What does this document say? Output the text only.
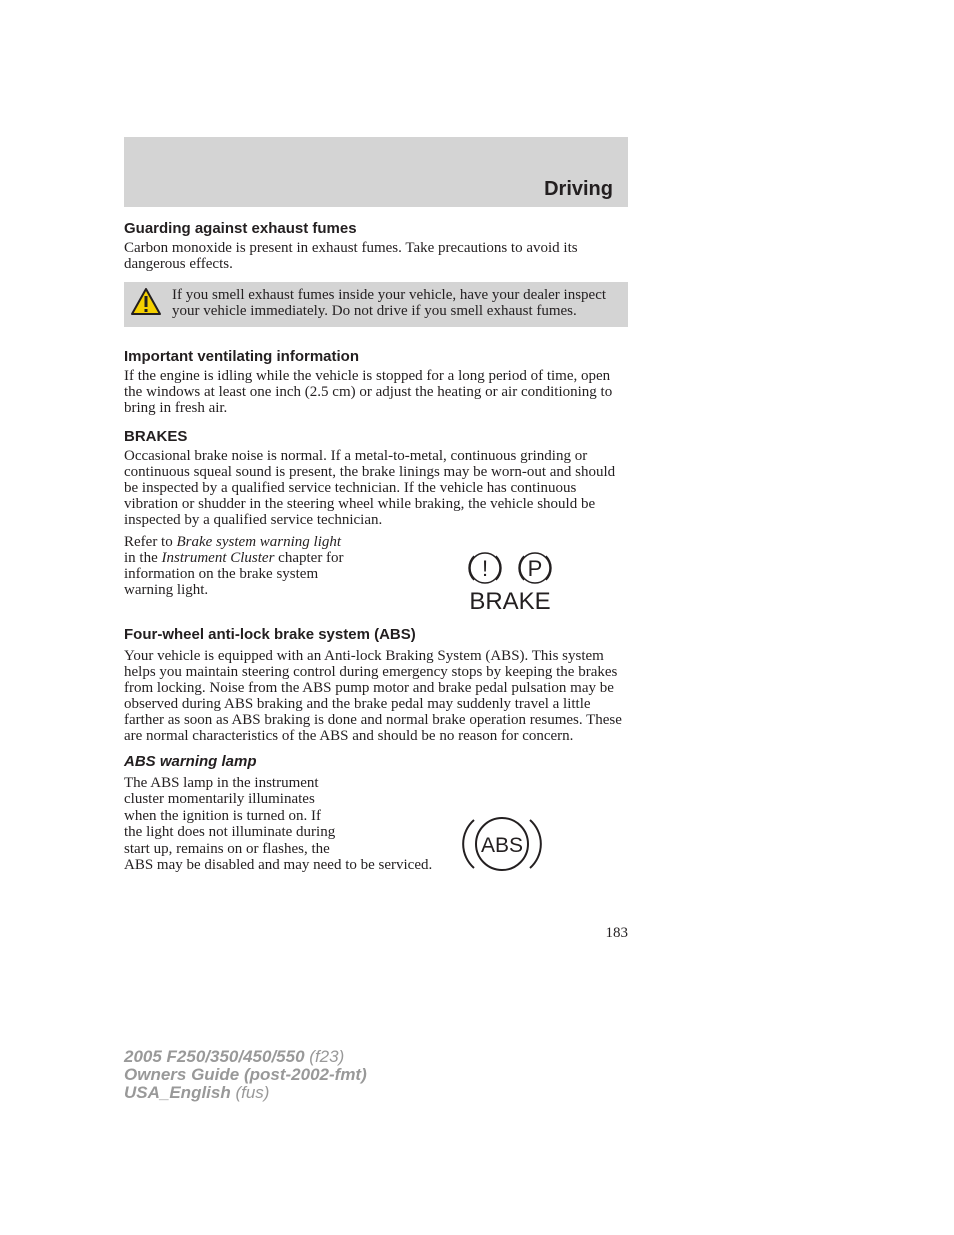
Driving
Guarding against exhaust fumes

Carbon monoxide is present in exhaust fumes. Take precautions to avoid its dangerous effects.

If you smell exhaust fumes inside your vehicle, have your dealer inspect your vehicle immediately. Do not drive if you smell exhaust fumes.

Important ventilating information

If the engine is idling while the vehicle is stopped for a long period of time, open the windows at least one inch (2.5 cm) or adjust the heating or air conditioning to bring in fresh air.

BRAKES

Occasional brake noise is normal. If a metal-to-metal, continuous grinding or continuous squeal sound is present, the brake linings may be worn-out and should be inspected by a qualified service technician. If the vehicle has continuous vibration or shudder in the steering wheel while braking, the vehicle should be inspected by a qualified service technician.

Refer to Brake system warning light in the Instrument Cluster chapter for information on the brake system warning light.

Four-wheel anti-lock brake system (ABS)

Your vehicle is equipped with an Anti-lock Braking System (ABS). This system helps you maintain steering control during emergency stops by keeping the brakes from locking. Noise from the ABS pump motor and brake pedal pulsation may be observed during ABS braking and the brake pedal may suddenly travel a little farther as soon as ABS braking is done and normal brake operation resumes. These are normal characteristics of the ABS and should be no reason for concern.

ABS warning lamp

The ABS lamp in the instrument
cluster momentarily illuminates
when the ignition is turned on. If
the light does not illuminate during
start up, remains on or flashes, the
ABS may be disabled and may need to be serviced.

! P
BRAKE
ABS
183
2005 F250/350/450/550 (f23)
Owners Guide (post-2002-fmt)
USA_English (fus)
